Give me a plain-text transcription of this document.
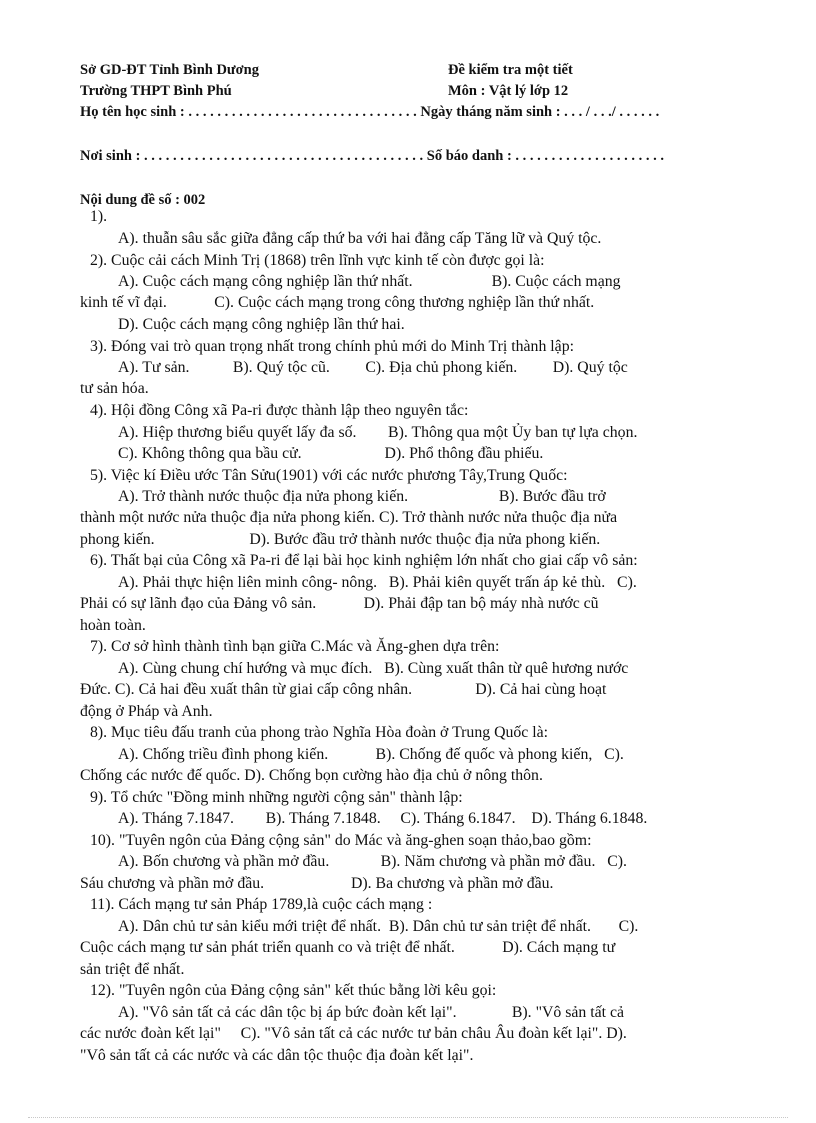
Sở GD-ĐT Tỉnh Bình Dương
Trường THPT Bình Phú
Đề kiểm tra một tiết
Môn : Vật lý lớp 12
Họ tên học sinh : . . . . . . . . . . . . . . . . . . . . . . . . . . . . . . . . Ngày tháng năm sinh : . . . / . . ./ . . . . . .
Nơi sinh : . . . . . . . . . . . . . . . . . . . . . . . . . . . . . . . . . . . . . . . Số báo danh : . . . . . . . . . . . . . . . . . . . . .
Nội dung đề số : 002
1).
A). thuẫn sâu sắc giữa đẳng cấp thứ ba với hai đẳng cấp Tăng lữ và Quý tộc.
2). Cuộc cải cách Minh Trị (1868) trên lĩnh vực kinh tế còn được gọi là:
A). Cuộc cách mạng công nghiệp lần thứ nhất.                    B). Cuộc cách mạng
kinh tế vĩ đại.            C). Cuộc cách mạng trong công thương nghiệp lần thứ nhất.
D). Cuộc cách mạng công nghiệp lần thứ hai.
3). Đóng vai trò quan trọng nhất trong chính phủ mới do Minh Trị thành lập:
A). Tư sản.           B). Quý tộc cũ.         C). Địa chủ phong kiến.         D). Quý tộc
tư sản hóa.
4). Hội đồng Công xã Pa-ri được thành lập theo nguyên tắc:
A). Hiệp thương biểu quyết lấy đa số.        B). Thông qua một Ủy ban tự lựa chọn.
C). Không thông qua bầu cử.                     D). Phổ thông đầu phiếu.
5). Việc kí Điều ước Tân Sửu(1901) với các nước phương Tây,Trung Quốc:
A). Trở thành nước thuộc địa nửa phong kiến.                       B). Bước đầu trở
thành một nước nửa thuộc địa nửa phong kiến. C). Trở thành nước nửa thuộc địa nửa
phong kiến.                        D). Bước đầu trở thành nước thuộc địa nửa phong kiến.
6). Thất bại của Công xã Pa-ri để lại bài học kinh nghiệm lớn nhất cho giai cấp vô sản:
A). Phải thực hiện liên minh công- nông.   B). Phải kiên quyết trấn áp kẻ thù.   C).
Phải có sự lãnh đạo của Đảng vô sản.            D). Phải đập tan bộ máy nhà nước cũ
hoàn toàn.
7). Cơ sở hình thành tình bạn giữa C.Mác và Ăng-ghen dựa trên:
A). Cùng chung chí hướng và mục đích.   B). Cùng xuất thân từ quê hương nước
Đức. C). Cả hai đều xuất thân từ giai cấp công nhân.                D). Cả hai cùng hoạt
động ở Pháp và Anh.
8). Mục tiêu đấu tranh của phong trào Nghĩa Hòa đoàn ở Trung Quốc là:
A). Chống triều đình phong kiến.            B). Chống đế quốc và phong kiến,   C).
Chống các nước đế quốc. D). Chống bọn cường hào địa chủ ở nông thôn.
9). Tổ chức "Đồng minh những người cộng sản" thành lập:
A). Tháng 7.1847.        B). Tháng 7.1848.     C). Tháng 6.1847.    D). Tháng 6.1848.
10). "Tuyên ngôn của Đảng cộng sản" do Mác và ăng-ghen soạn thảo,bao gồm:
A). Bốn chương và phần mở đầu.             B). Năm chương và phần mở đầu.   C).
Sáu chương và phần mở đầu.                      D). Ba chương và phần mở đầu.
11). Cách mạng tư sản Pháp 1789,là cuộc cách mạng :
A). Dân chủ tư sản kiểu mới triệt để nhất.  B). Dân chủ tư sản triệt để nhất.       C).
Cuộc cách mạng tư sản phát triển quanh co và triệt để nhất.            D). Cách mạng tư
sản triệt để nhất.
12). "Tuyên ngôn của Đảng cộng sản" kết thúc bằng lời kêu gọi:
A). "Vô sản tất cả các dân tộc bị áp bức đoàn kết lại".              B). "Vô sản tất cả
các nước đoàn kết lại"     C). "Vô sản tất cả các nước tư bản châu Âu đoàn kết lại". D).
"Vô sản tất cả các nước và các dân tộc thuộc địa đoàn kết lại".
